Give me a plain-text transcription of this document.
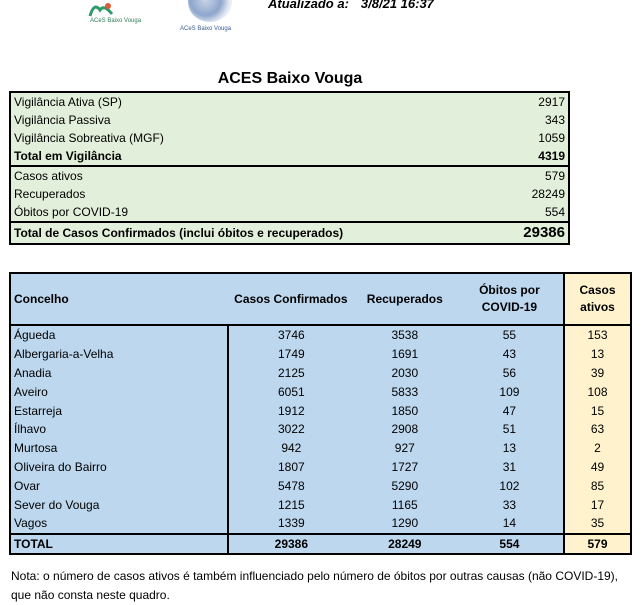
ACeS Baixo Vouga
ACeS Baixo Vouga
Atualizado a: 3/8/21 16:37
ACES Baixo Vouga
Vigilância Ativa (SP)	2917
Vigilância Passiva	343
Vigilância Sobreativa (MGF)	1059
Total em Vigilância	4319
Casos ativos	579
Recuperados	28249
Óbitos por COVID-19	554
Total de Casos Confirmados (inclui óbitos e recuperados)	29386
Concelho	Casos Confirmados	Recuperados	Óbitos por COVID-19	Casos ativos
Águeda	3746	3538	55	153
Albergaria-a-Velha	1749	1691	43	13
Anadia	2125	2030	56	39
Aveiro	6051	5833	109	108
Estarreja	1912	1850	47	15
Ílhavo	3022	2908	51	63
Murtosa	942	927	13	2
Oliveira do Bairro	1807	1727	31	49
Ovar	5478	5290	102	85
Sever do Vouga	1215	1165	33	17
Vagos	1339	1290	14	35
TOTAL	29386	28249	554	579
Nota: o número de casos ativos é também influenciado pelo número de óbitos por outras causas (não COVID-19), que não consta neste quadro.
